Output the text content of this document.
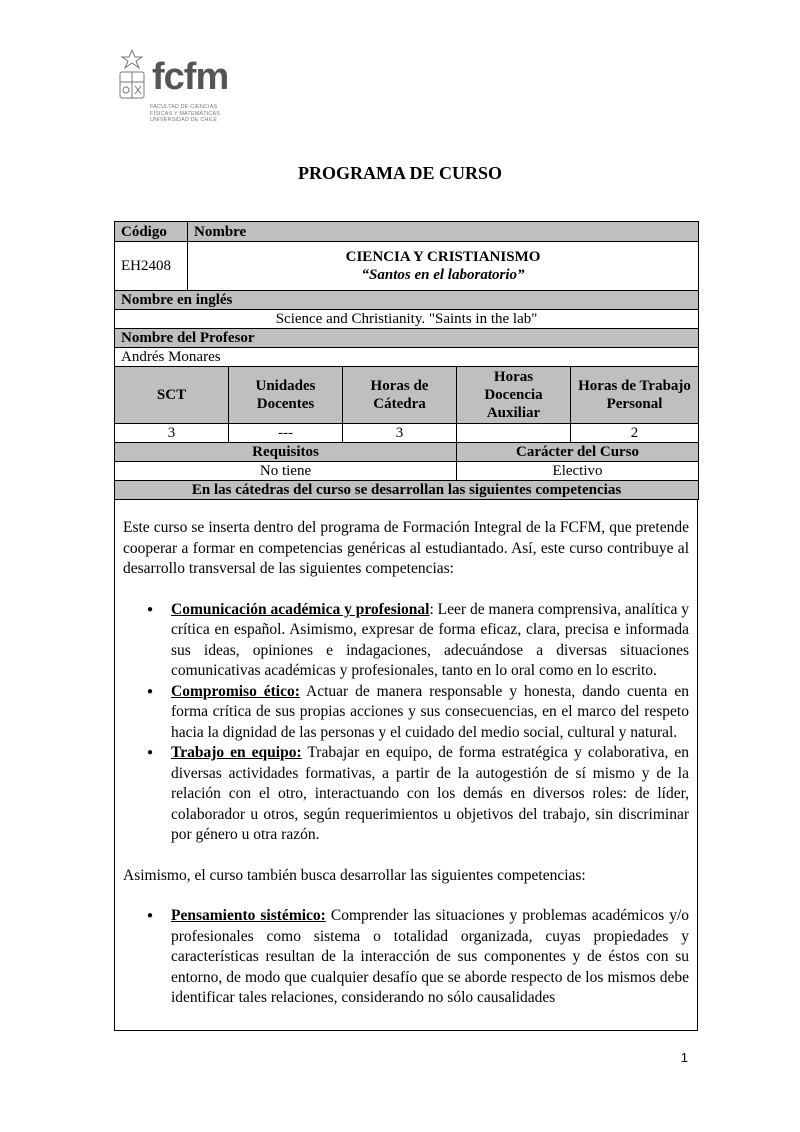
fcfm
FACULTAD DE CIENCIAS
FÍSICAS Y MATEMÁTICAS
UNIVERSIDAD DE CHILE
PROGRAMA DE CURSO
Código	Nombre				
EH2408	CIENCIA Y CRISTIANISMO
“Santos en el laboratorio”				

Nombre en inglés					
Science and Christianity. "Saints in the lab"					
Nombre del Profesor					
Andrés Monares					
SCT		Unidades Docentes	Horas de Cátedra	Horas Docencia Auxiliar	Horas de Trabajo Personal
3		---	3		2
Requisitos				Carácter del Curso	
No tiene				Electivo	
En las cátedras del curso se desarrollan las siguientes competencias					

Este curso se inserta dentro del programa de Formación Integral de la FCFM, que pretende cooperar a formar en competencias genéricas al estudiantado. Así, este curso contribuye al desarrollo transversal de las siguientes competencias:

● Comunicación académica y profesional: Leer de manera comprensiva, analítica y crítica en español. Asimismo, expresar de forma eficaz, clara, precisa e informada sus ideas, opiniones e indagaciones, adecuándose a diversas situaciones comunicativas académicas y profesionales, tanto en lo oral como en lo escrito.
● Compromiso ético: Actuar de manera responsable y honesta, dando cuenta en forma crítica de sus propias acciones y sus consecuencias, en el marco del respeto hacia la dignidad de las personas y el cuidado del medio social, cultural y natural.
● Trabajo en equipo: Trabajar en equipo, de forma estratégica y colaborativa, en diversas actividades formativas, a partir de la autogestión de sí mismo y de la relación con el otro, interactuando con los demás en diversos roles: de líder, colaborador u otros, según requerimientos u objetivos del trabajo, sin discriminar por género u otra razón.

Asimismo, el curso también busca desarrollar las siguientes competencias:

● Pensamiento sistémico: Comprender las situaciones y problemas académicos y/o profesionales como sistema o totalidad organizada, cuyas propiedades y características resultan de la interacción de sus componentes y de éstos con su entorno, de modo que cualquier desafío que se aborde respecto de los mismos debe identificar tales relaciones, considerando no sólo causalidades
1
